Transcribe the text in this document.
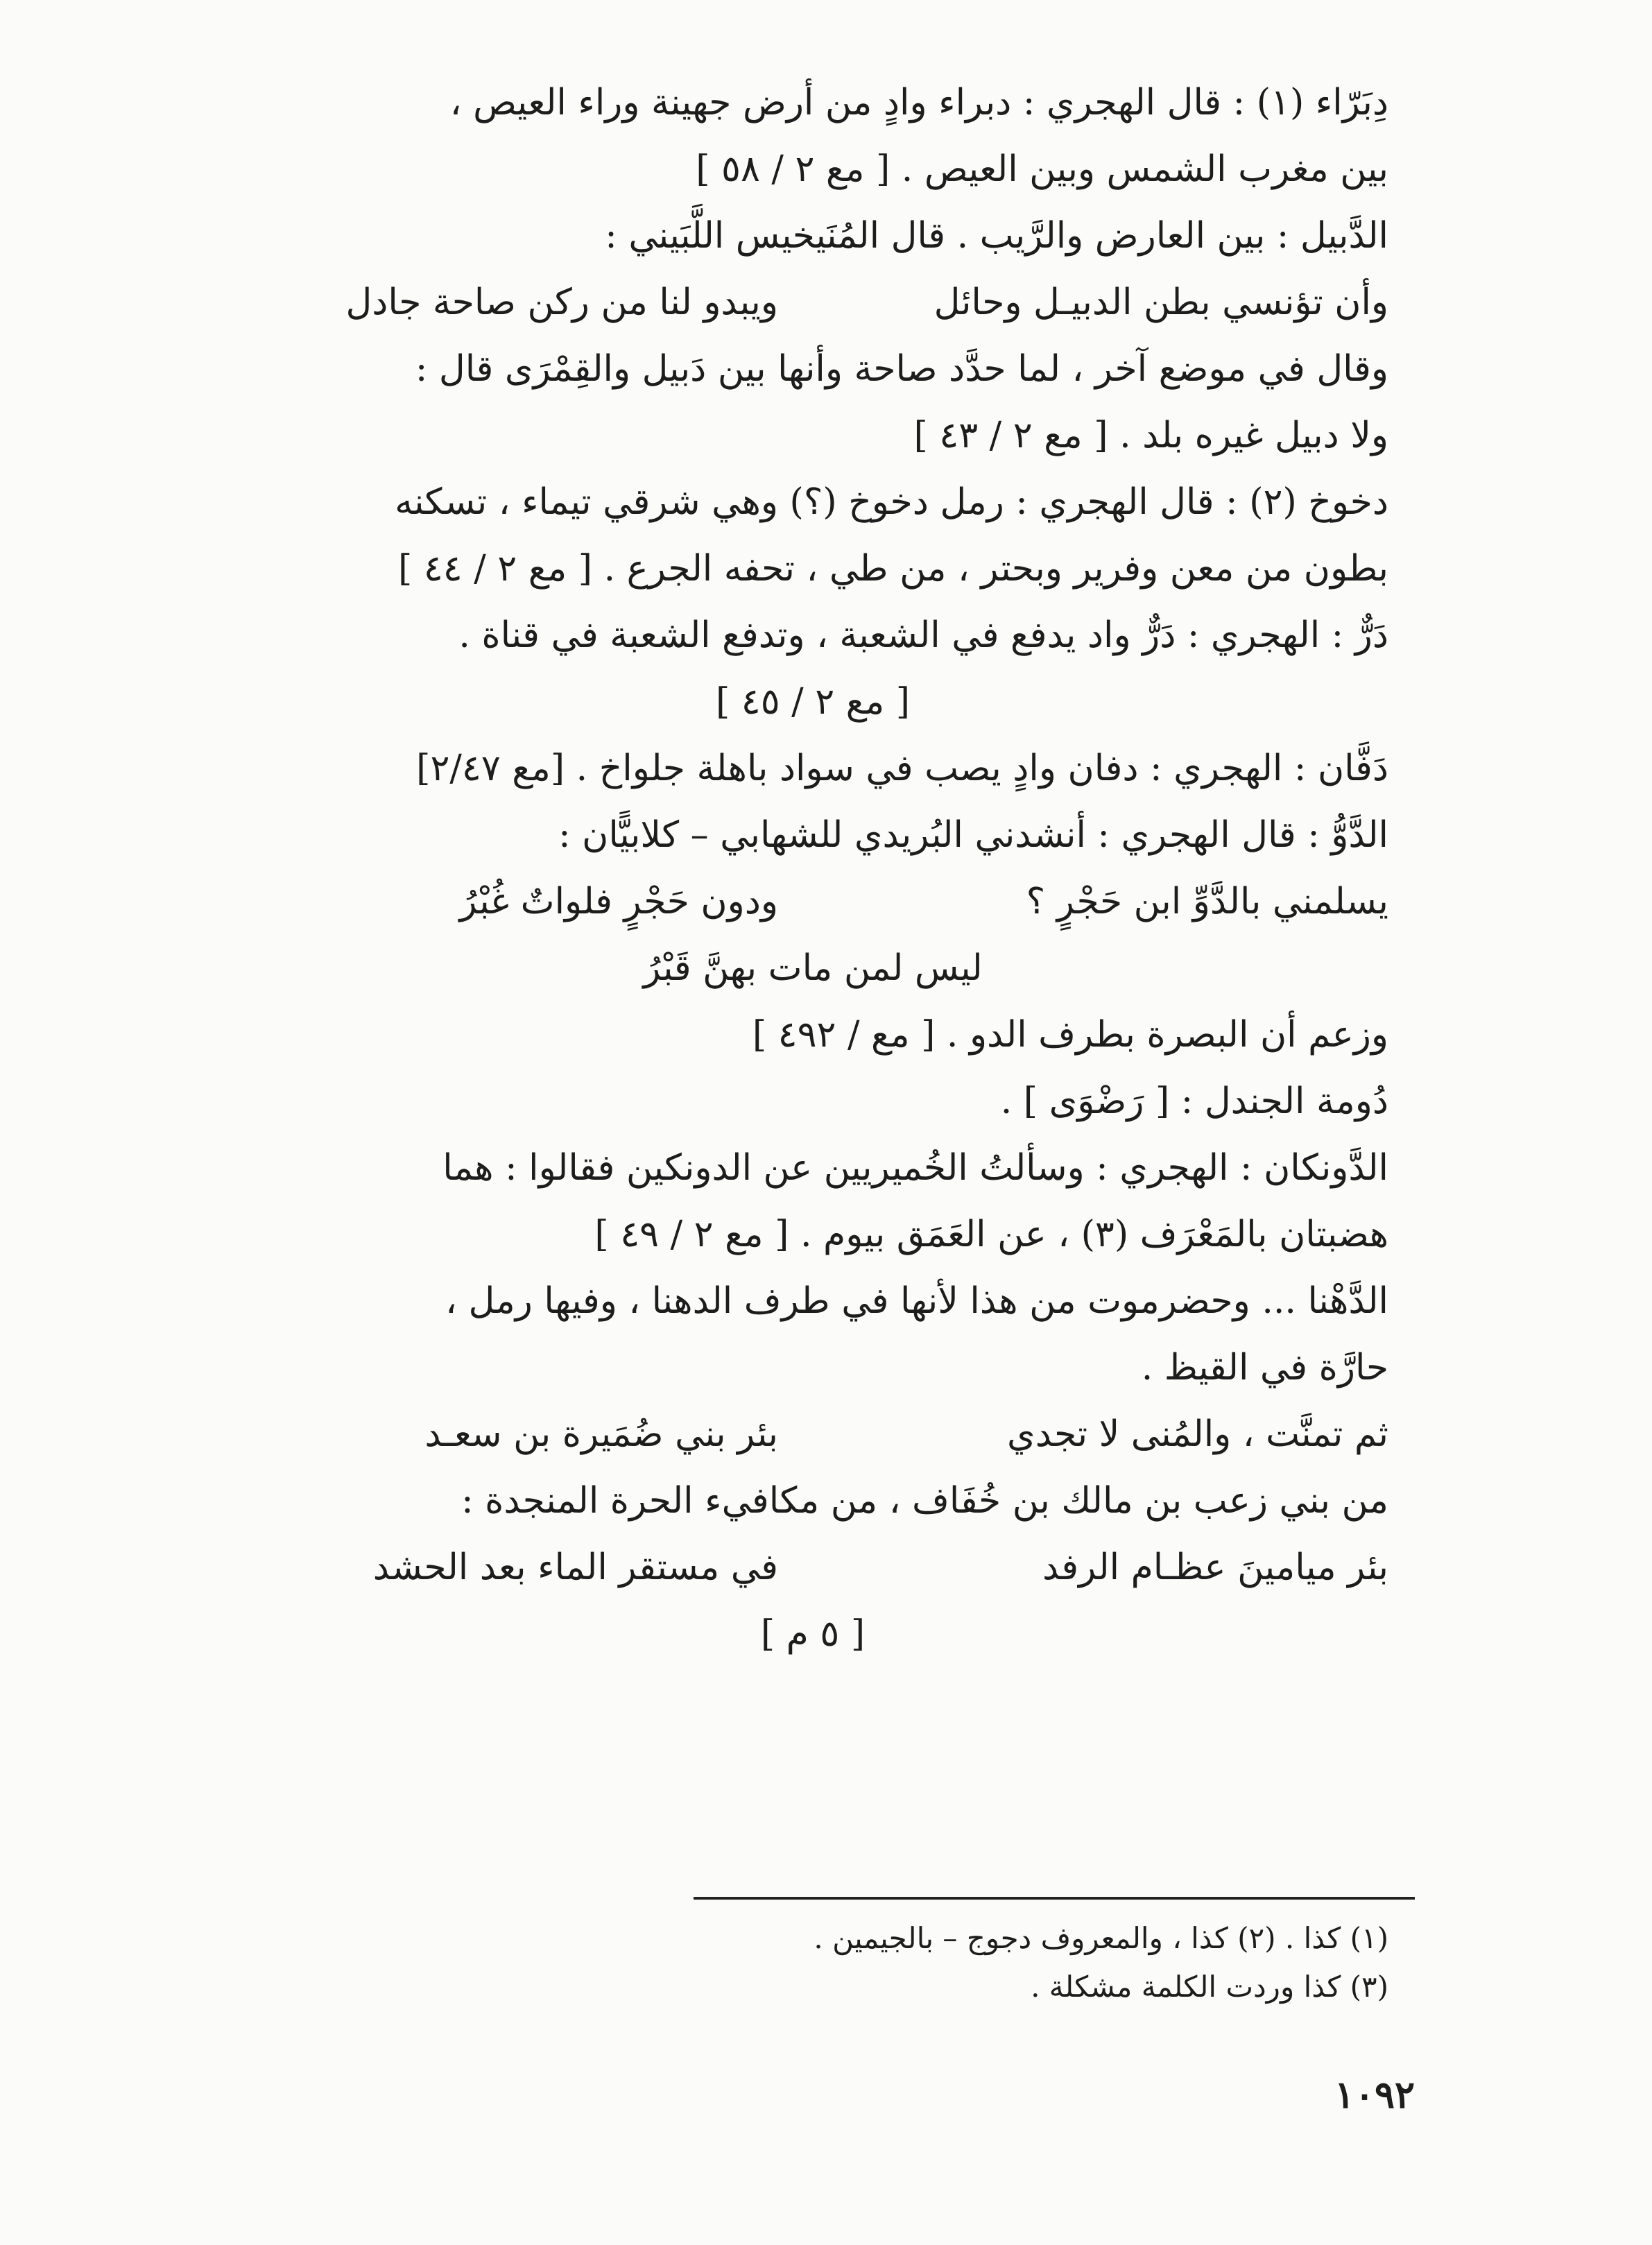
دِبَرّاء (١) : قال الهجري : دبراء وادٍ من أرض جهينة وراء العيص ،
بين مغرب الشمس وبين العيص . [ مع ٢ / ٥٨ ]
الدَّبيل : بين العارض والرَّيب . قال المُنَيخيس اللَّبَيني :
وأن تؤنسي بطن الدبيـل وحائل
ويبدو لنا من ركن صاحة جادل
وقال في موضع آخر ، لما حدَّد صاحة وأنها بين دَبيل والقِمْرَى قال :
ولا دبيل غيره بلد . [ مع ٢ / ٤٣ ]
دخوخ (٢) : قال الهجري : رمل دخوخ (؟) وهي شرقي تيماء ، تسكنه
بطون من معن وفرير وبحتر ، من طي ، تحفه الجرع . [ مع ٢ / ٤٤ ]
دَرٌّ : الهجري : دَرٌّ واد يدفع في الشعبة ، وتدفع الشعبة في قناة .
[ مع ٢ / ٤٥ ]
دَفَّان : الهجري : دفان وادٍ يصب في سواد باهلة جلواخ . [مع ٢/٤٧]
الدَّوُّ : قال الهجري : أنشدني البُريدي للشهابي – كلابيًّان :
يسلمني بالدَّوِّ ابن حَجْرٍ ؟
ودون حَجْرٍ فلواتٌ غُبْرُ
ليس لمن مات بهنَّ قَبْرُ
وزعم أن البصرة بطرف الدو . [ مع / ٤٩٢ ]
دُومة الجندل : [ رَضْوَى ] .
الدَّونكان : الهجري : وسألتُ الخُميريين عن الدونكين فقالوا : هما
هضبتان بالمَعْرَف (٣) ، عن العَمَق بيوم . [ مع ٢ / ٤٩ ]
الدَّهْنا ... وحضرموت من هذا لأنها في طرف الدهنا ، وفيها رمل ،
حارَّة في القيظ .
ثم تمنَّت ، والمُنى لا تجدي
بئر بني ضُمَيرة بن سعـد
من بني زعب بن مالك بن خُفَاف ، من مكافيء الحرة المنجدة :
بئر ميامينَ عظـام الرفد
في مستقر الماء بعد الحشد
[ ٥ م ]
(١) كذا . (٢) كذا ، والمعروف دجوج – بالجيمين .
(٣) كذا وردت الكلمة مشكلة .
١٠٩٢
